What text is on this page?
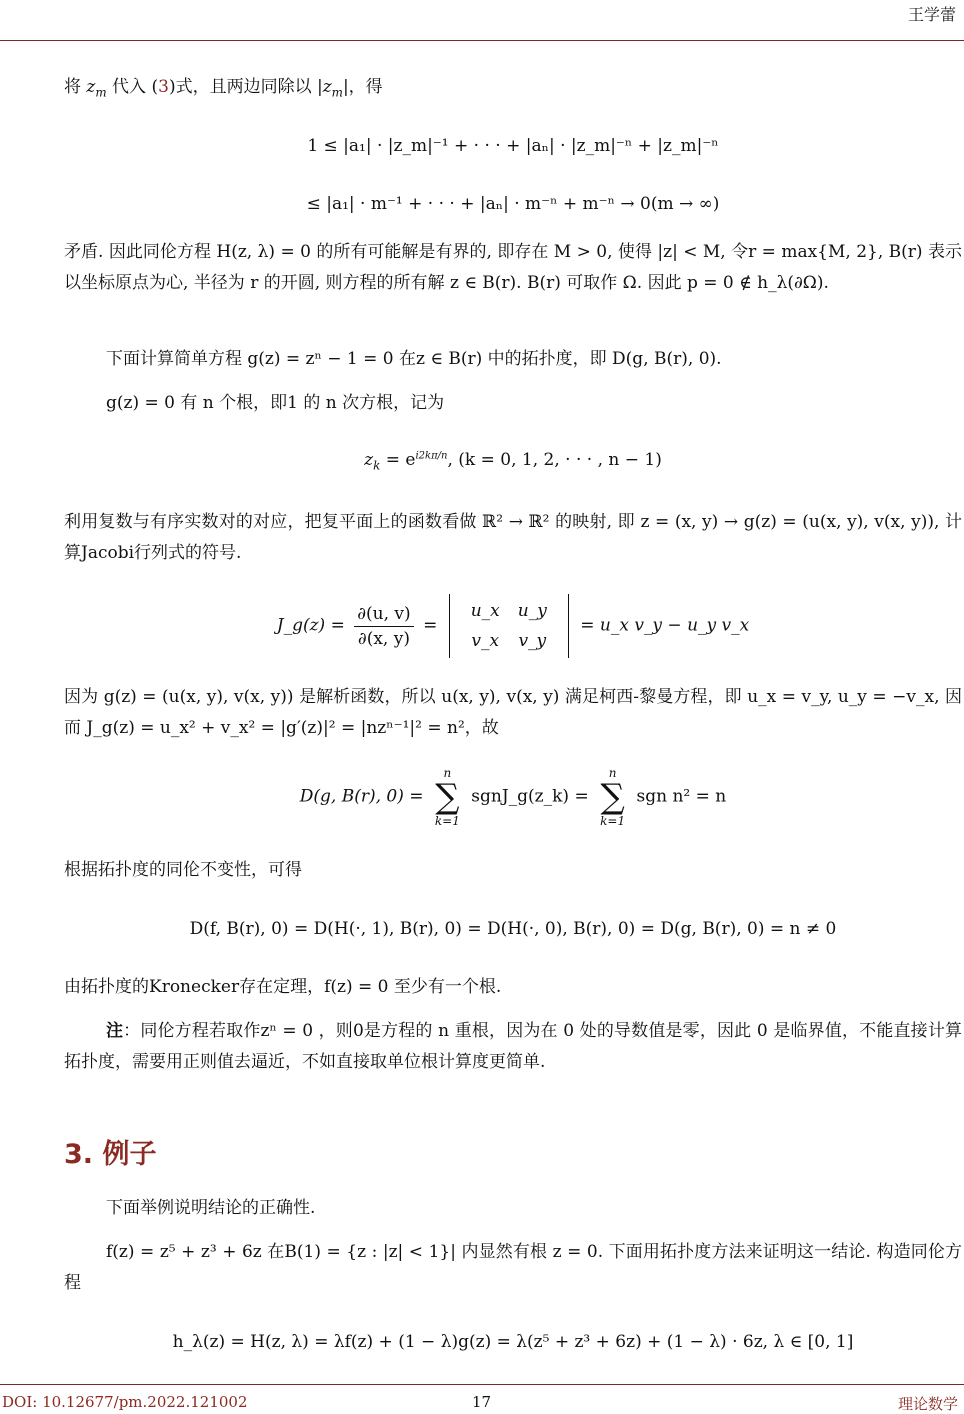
王学蕾
将 $z_m$ 代入 (3)式，且两边同除以 $|z_m|$，得
1 ≤ |a₁| · |z_m|⁻¹ + · · · + |aₙ| · |z_m|⁻ⁿ + |z_m|⁻ⁿ
≤ |a₁| · m⁻¹ + · · · + |aₙ| · m⁻ⁿ + m⁻ⁿ → 0(m → ∞)
矛盾. 因此同伦方程 H(z, λ) = 0 的所有可能解是有界的, 即存在 M > 0, 使得 |z| < M, 令r = max{M, 2}, B(r) 表示以坐标原点为心, 半径为 r 的开圆, 则方程的所有解 z ∈ B(r). B(r) 可取作 Ω. 因此 p = 0 ∉ h_λ(∂Ω).
下面计算简单方程 g(z) = zⁿ − 1 = 0 在z ∈ B(r) 中的拓扑度，即 D(g, B(r), 0).
g(z) = 0 有 n 个根，即1 的 n 次方根，记为
$z_k = e^{i2k\pi/n}$, (k = 0, 1, 2, · · · , n − 1)
利用复数与有序实数对的对应，把复平面上的函数看做 ℝ² → ℝ² 的映射, 即 z = (x, y) → g(z) = (u(x, y), v(x, y)), 计算Jacobi行列式的符号.
J_g(z) = $\frac{\partial(u, v)}{\partial(x, y)}$ =
u_x	u_y
v_x	v_y
= u_x v_y − u_y v_x
因为 g(z) = (u(x, y), v(x, y)) 是解析函数，所以 u(x, y), v(x, y) 满足柯西-黎曼方程，即 u_x = v_y, u_y = −v_x, 因而 J_g(z) = u_x² + v_x² = |g′(z)|² = |nzⁿ⁻¹|² = n²，故
D(g, B(r), 0) =
n
∑
k=1
sgnJ_g(z_k) =
n
∑
k=1
sgn n² = n
根据拓扑度的同伦不变性，可得
D(f, B(r), 0) = D(H(·, 1), B(r), 0) = D(H(·, 0), B(r), 0) = D(g, B(r), 0) = n ≠ 0
由拓扑度的Kronecker存在定理，f(z) = 0 至少有一个根.
注：同伦方程若取作zⁿ = 0 ，则0是方程的 n 重根，因为在 0 处的导数值是零，因此 0 是临界值，不能直接计算拓扑度，需要用正则值去逼近，不如直接取单位根计算度更简单.
3. 例子
下面举例说明结论的正确性.
f(z) = z⁵ + z³ + 6z 在B(1) = {z : |z| < 1}| 内显然有根 z = 0. 下面用拓扑度方法来证明这一结论. 构造同伦方程
h_λ(z) = H(z, λ) = λf(z) + (1 − λ)g(z) = λ(z⁵ + z³ + 6z) + (1 − λ) · 6z, λ ∈ [0, 1]
DOI: 10.12677/pm.2022.121002	17	理论数学
